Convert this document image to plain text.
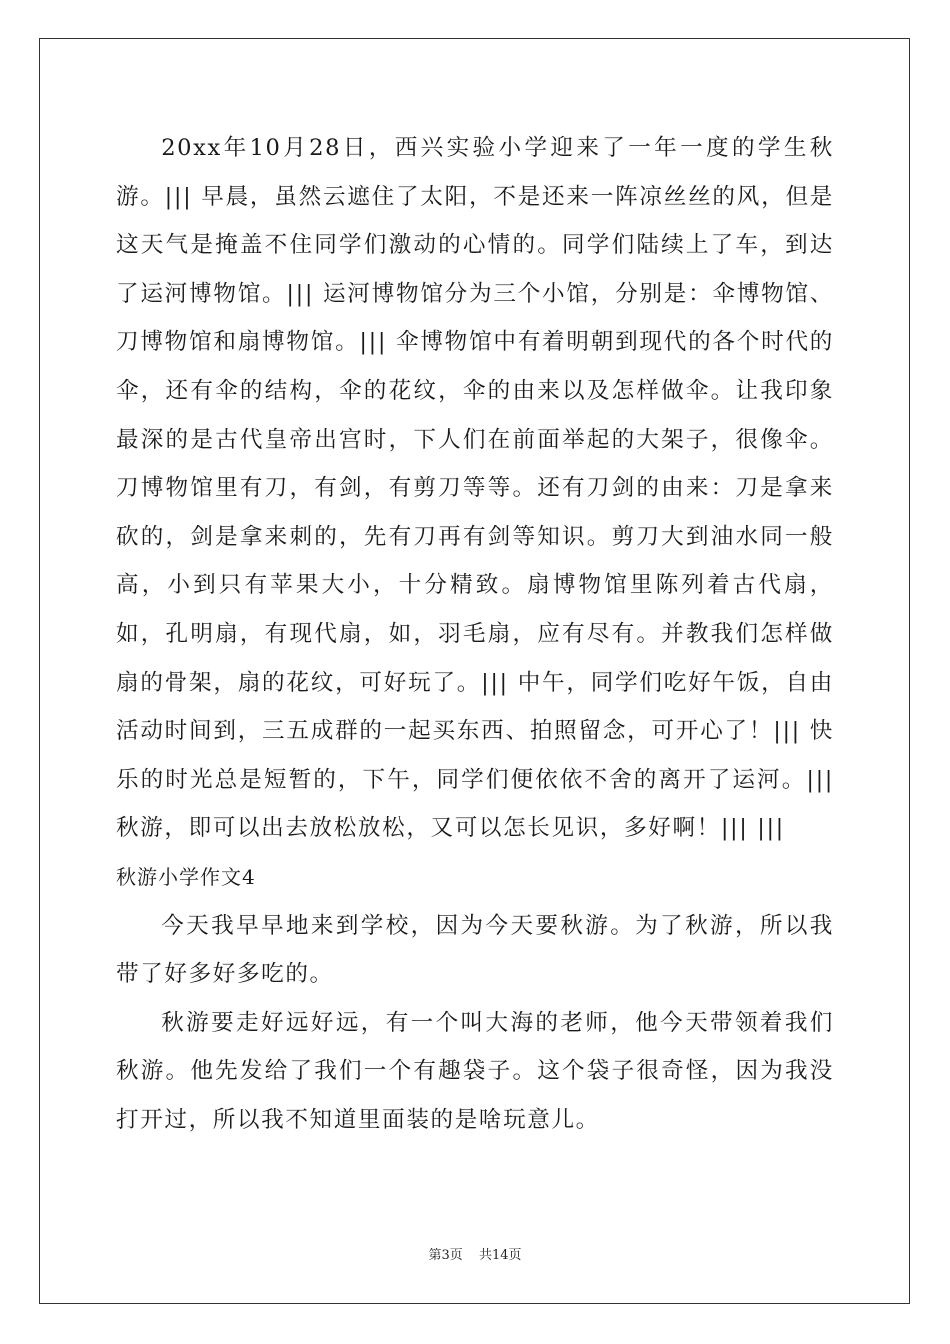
20xx年10月28日，西兴实验小学迎来了一年一度的学生秋游。||| 早晨，虽然云遮住了太阳，不是还来一阵凉丝丝的风，但是这天气是掩盖不住同学们激动的心情的。同学们陆续上了车，到达了运河博物馆。||| 运河博物馆分为三个小馆，分别是：伞博物馆、刀博物馆和扇博物馆。||| 伞博物馆中有着明朝到现代的各个时代的伞，还有伞的结构，伞的花纹，伞的由来以及怎样做伞。让我印象最深的是古代皇帝出宫时，下人们在前面举起的大架子，很像伞。刀博物馆里有刀，有剑，有剪刀等等。还有刀剑的由来：刀是拿来砍的，剑是拿来刺的，先有刀再有剑等知识。剪刀大到油水同一般高，小到只有苹果大小，十分精致。扇博物馆里陈列着古代扇，如，孔明扇，有现代扇，如，羽毛扇，应有尽有。并教我们怎样做扇的骨架，扇的花纹，可好玩了。||| 中午，同学们吃好午饭，自由活动时间到，三五成群的一起买东西、拍照留念，可开心了！||| 快乐的时光总是短暂的，下午，同学们便依依不舍的离开了运河。||| 秋游，即可以出去放松放松，又可以怎长见识，多好啊！||| |||

秋游小学作文4

今天我早早地来到学校，因为今天要秋游。为了秋游，所以我带了好多好多吃的。

秋游要走好远好远，有一个叫大海的老师，他今天带领着我们秋游。他先发给了我们一个有趣袋子。这个袋子很奇怪，因为我没打开过，所以我不知道里面装的是啥玩意儿。

第3页 共14页
